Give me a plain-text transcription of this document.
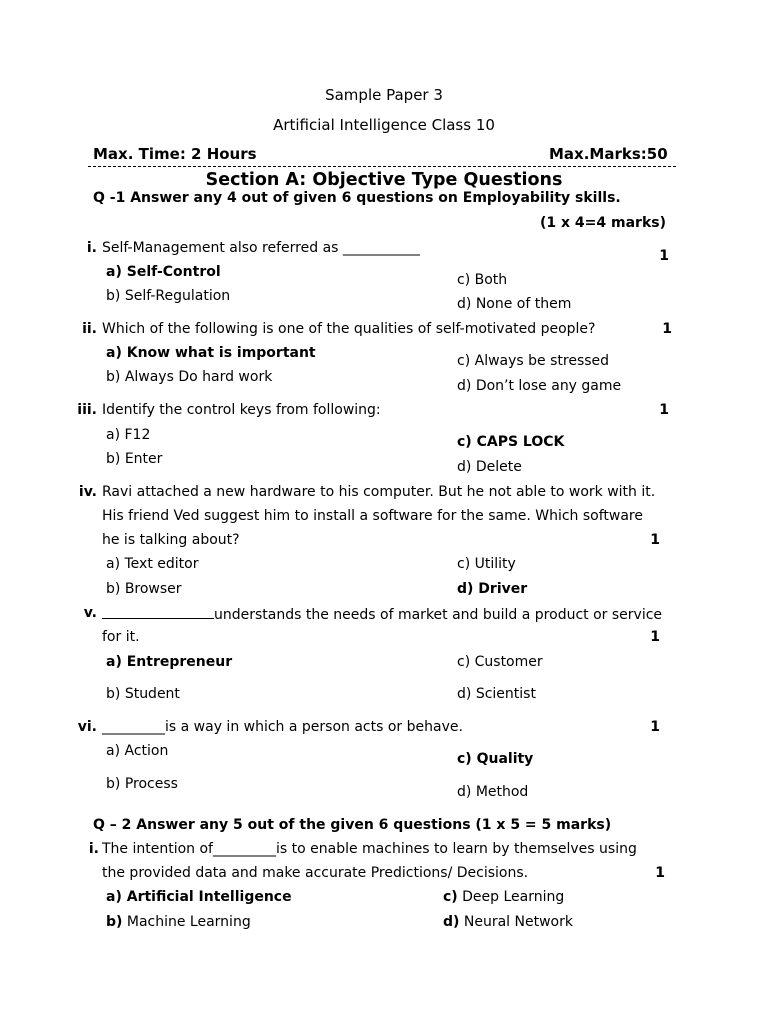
Sample Paper 3
Artificial Intelligence Class 10
Max. Time: 2 Hours	Max.Marks:50
Section A: Objective Type Questions
Q -1 Answer any 4 out of given 6 questions on Employability skills.
(1 x 4=4 marks)
i. Self-Management also referred as ___________	1
a) Self-Control
b) Self-Regulation
c) Both
d) None of them
ii. Which of the following is one of the qualities of self-motivated people?	1
a) Know what is important
b) Always Do hard work
c) Always be stressed
d) Don’t lose any game
iii. Identify the control keys from following:	1
a) F12
b) Enter
c) CAPS LOCK
d) Delete
iv. Ravi attached a new hardware to his computer. But he not able to work with it.
His friend Ved suggest him to install a software for the same. Which software
he is talking about?	1
a) Text editor
b) Browser
c) Utility
d) Driver
v.	understands the needs of market and build a product or service
for it.	1
a) Entrepreneur
b) Student
c) Customer
d) Scientist
vi. _________is a way in which a person acts or behave.	1
a) Action
b) Process
c) Quality
d) Method
Q – 2 Answer any 5 out of the given 6 questions (1 x 5 = 5 marks)
i. The intention of_________is to enable machines to learn by themselves using
the provided data and make accurate Predictions/ Decisions.	1
a) Artificial Intelligence
b) Machine Learning
c) Deep Learning
d) Neural Network
